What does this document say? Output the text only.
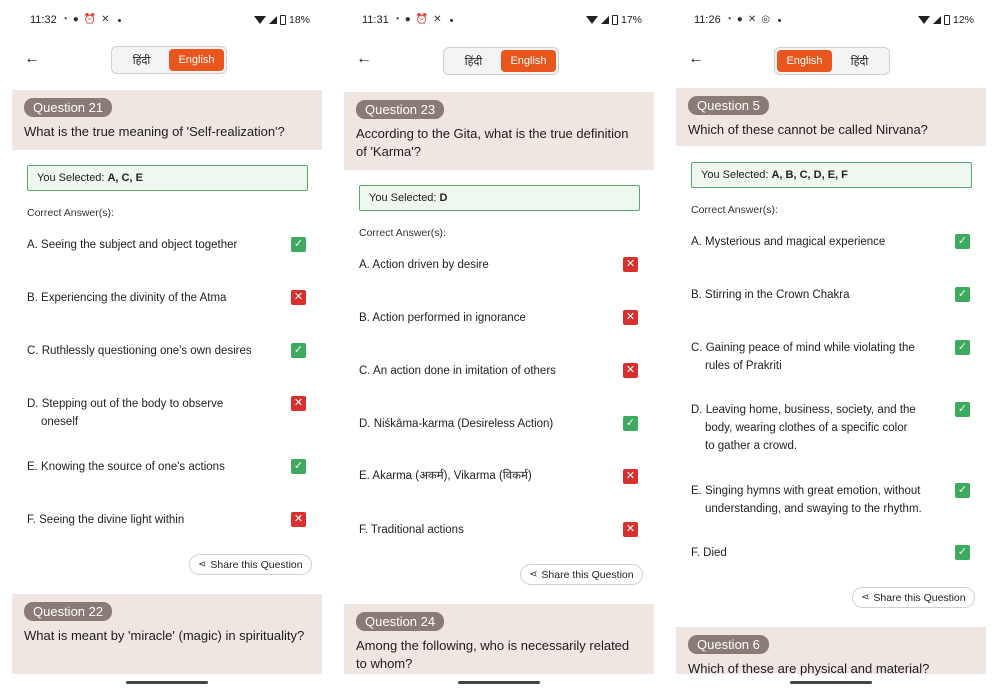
11:32 ◔ ● ⏰ ✕	18%
←	हिंदी	English
Question 21
What is the true meaning of 'Self-realization'?
You Selected: A, C, E
Correct Answer(s):
A. Seeing the subject and object together	✓
B. Experiencing the divinity of the Atma	✕
C. Ruthlessly questioning one's own desires	✓
D. Stepping out of the body to observe
oneself
✕
E. Knowing the source of one's actions	✓
F. Seeing the divine light within	✕
⋖ Share this Question
Question 22
What is meant by 'miracle' (magic) in spirituality?
11:31 ◔ ● ⏰ ✕	17%
←	हिंदी	English
Question 23
According to the Gita, what is the true definition of 'Karma'?
You Selected: D
Correct Answer(s):
A. Action driven by desire	✕
B. Action performed in ignorance	✕
C. An action done in imitation of others	✕
D. Niśkāma-karma (Desireless Action)	✓
E. Akarma (अकर्म), Vikarma (विकर्म)	✕
F. Traditional actions	✕
⋖ Share this Question
Question 24
Among the following, who is necessarily related to whom?
11:26 ◔ ● ✕ ◎	12%
←	English	हिंदी
Question 5
Which of these cannot be called Nirvana?
You Selected: A, B, C, D, E, F
Correct Answer(s):
A. Mysterious and magical experience	✓
B. Stirring in the Crown Chakra	✓
C. Gaining peace of mind while violating the
rules of Prakriti
✓
D. Leaving home, business, society, and the
body, wearing clothes of a specific color
to gather a crowd.
✓
E. Singing hymns with great emotion, without
understanding, and swaying to the rhythm.
✓
F. Died	✓
⋖ Share this Question
Question 6
Which of these are physical and material?
